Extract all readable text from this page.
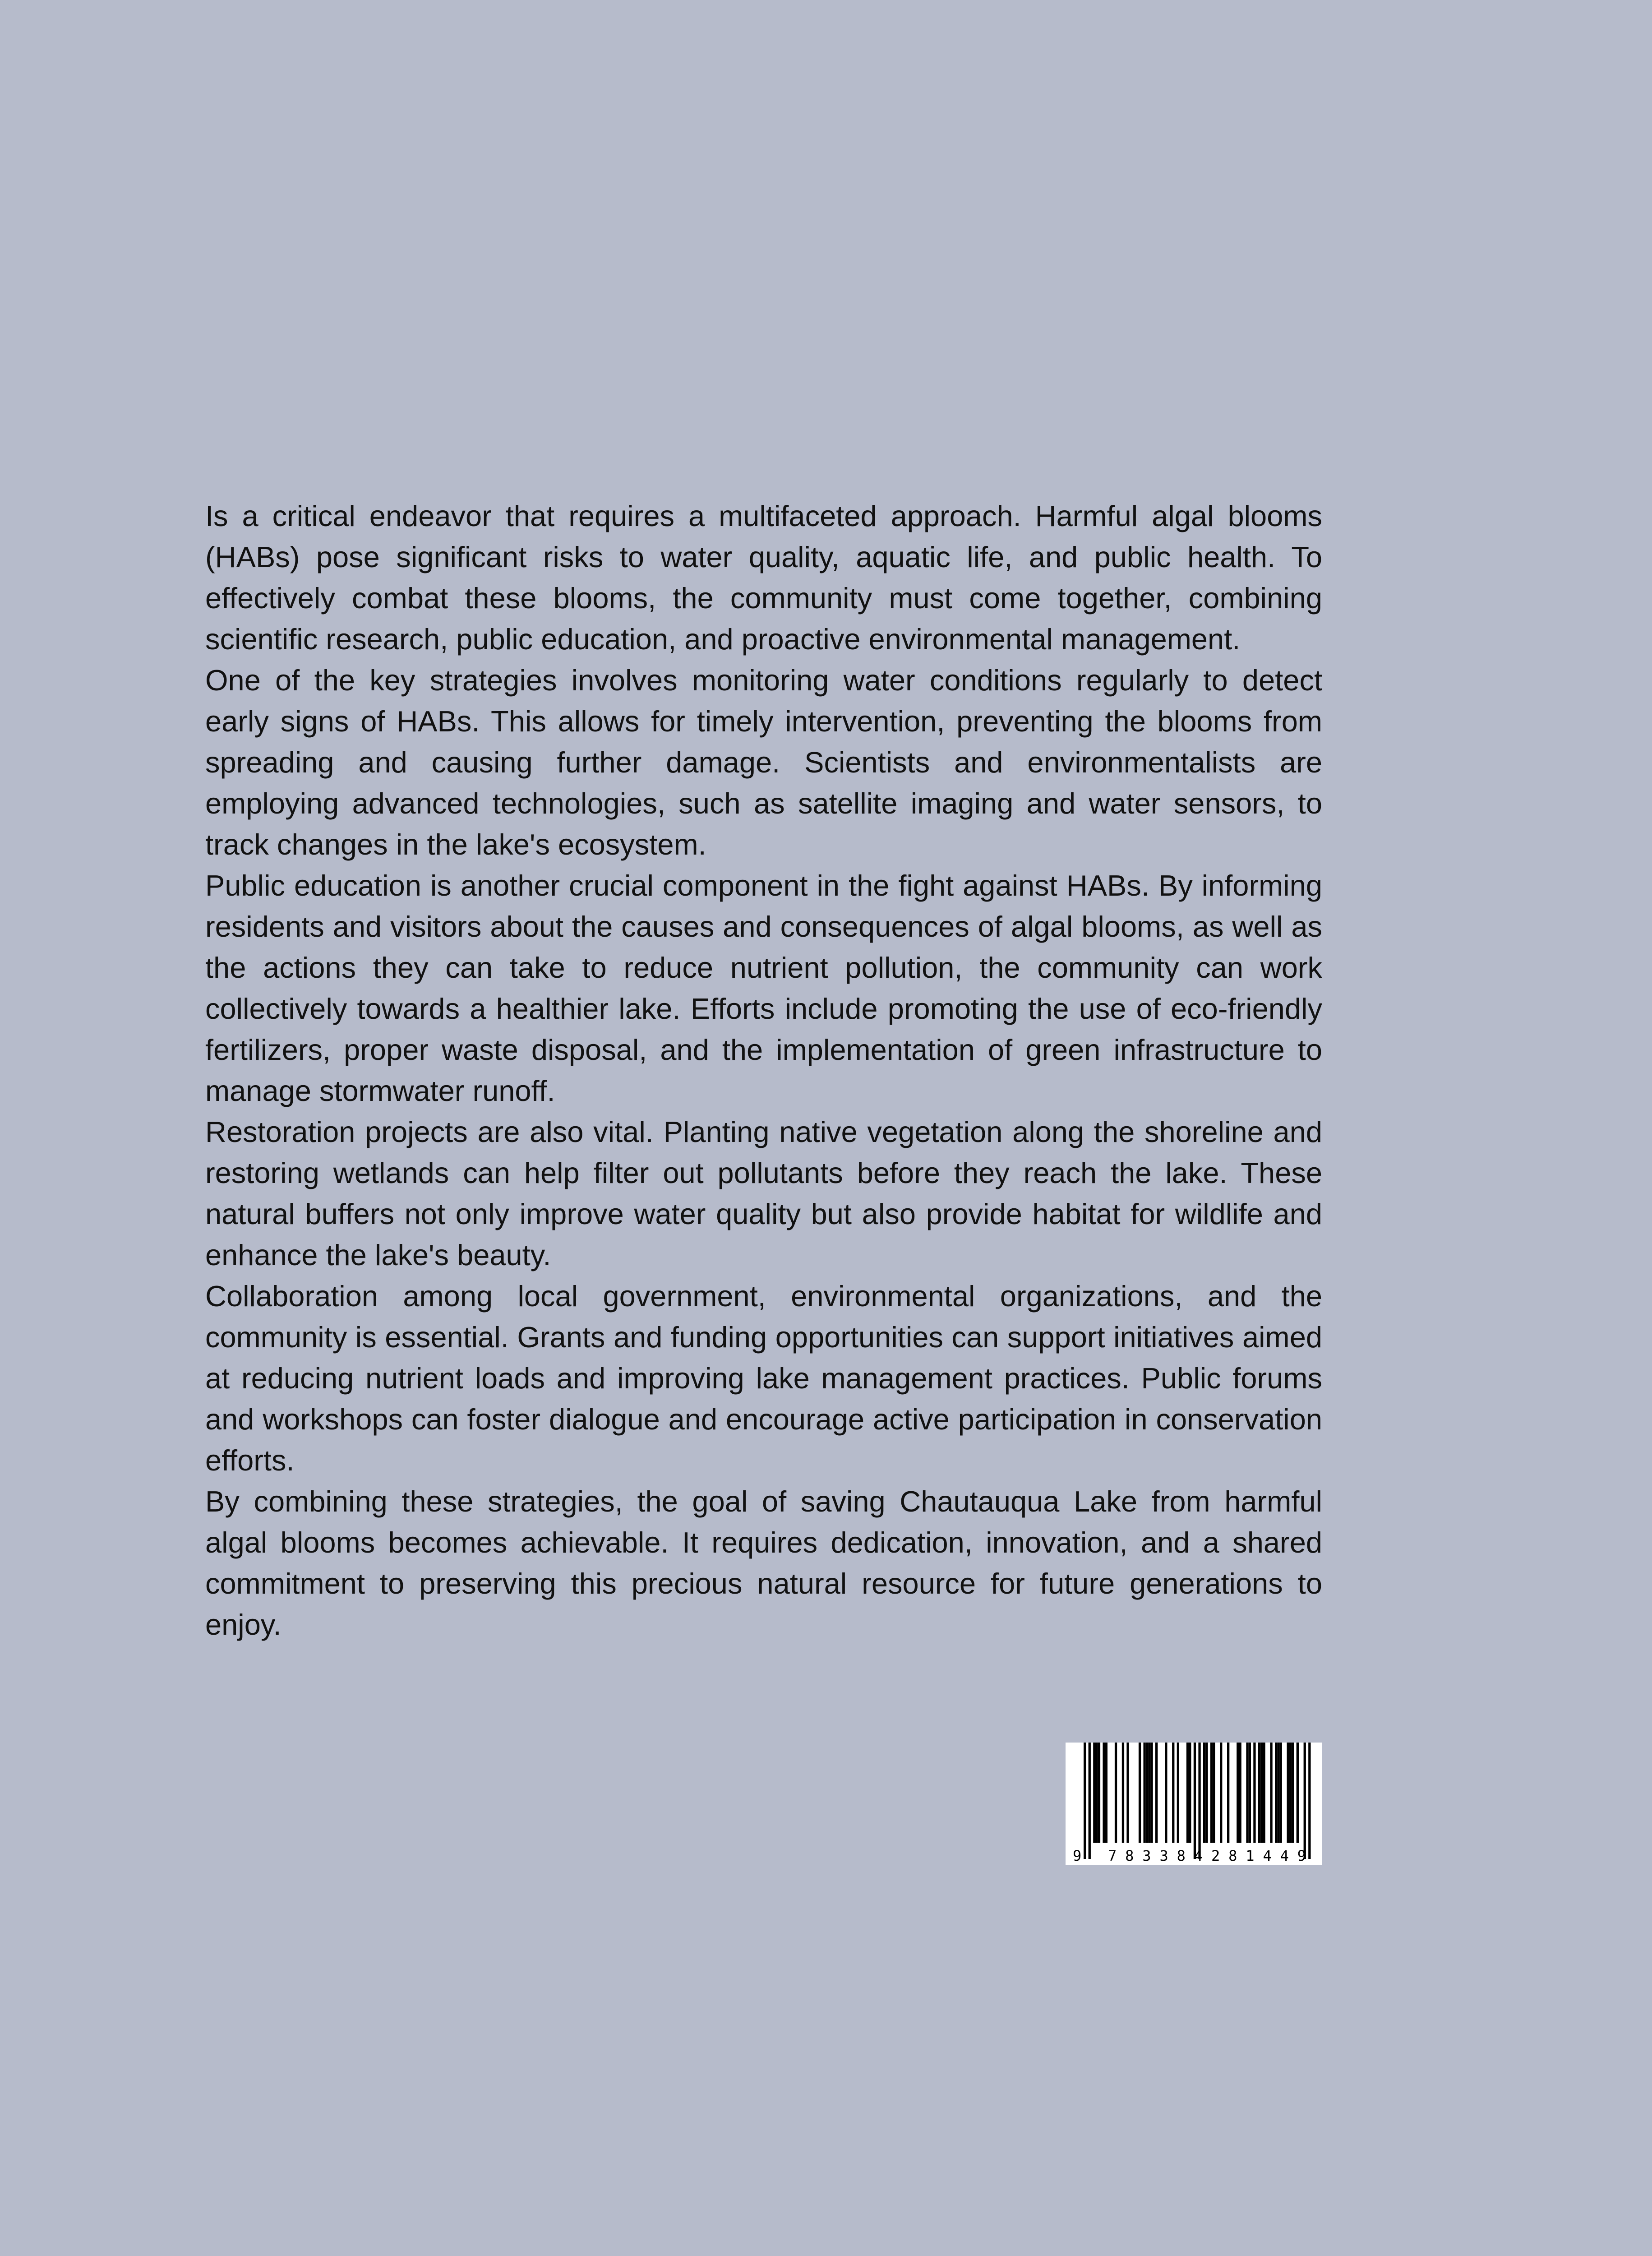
Is a critical endeavor that requires a multifaceted approach. Harmful algal blooms (HABs) pose significant risks to water quality, aquatic life, and public health. To effectively combat these blooms, the community must come together, combining scientific research, public education, and proactive environmental management.

One of the key strategies involves monitoring water conditions regularly to detect early signs of HABs. This allows for timely intervention, preventing the blooms from spreading and causing further damage. Scientists and environmentalists are employing advanced technologies, such as satellite imaging and water sensors, to track changes in the lake's ecosystem.

Public education is another crucial component in the fight against HABs. By informing residents and visitors about the causes and consequences of algal blooms, as well as the actions they can take to reduce nutrient pollution, the community can work collectively towards a healthier lake. Efforts include promoting the use of eco-friendly fertilizers, proper waste disposal, and the implementation of green infrastructure to manage stormwater runoff.

Restoration projects are also vital. Planting native vegetation along the shoreline and restoring wetlands can help filter out pollutants before they reach the lake. These natural buffers not only improve water quality but also provide habitat for wildlife and enhance the lake's beauty.

Collaboration among local government, environmental organizations, and the community is essential. Grants and funding opportunities can support initiatives aimed at reducing nutrient loads and improving lake management practices. Public forums and workshops can foster dialogue and encourage active participation in conservation efforts.

By combining these strategies, the goal of saving Chautauqua Lake from harmful algal blooms becomes achievable. It requires dedication, innovation, and a shared commitment to preserving this precious natural resource for future generations to enjoy.

9 783384 281449
